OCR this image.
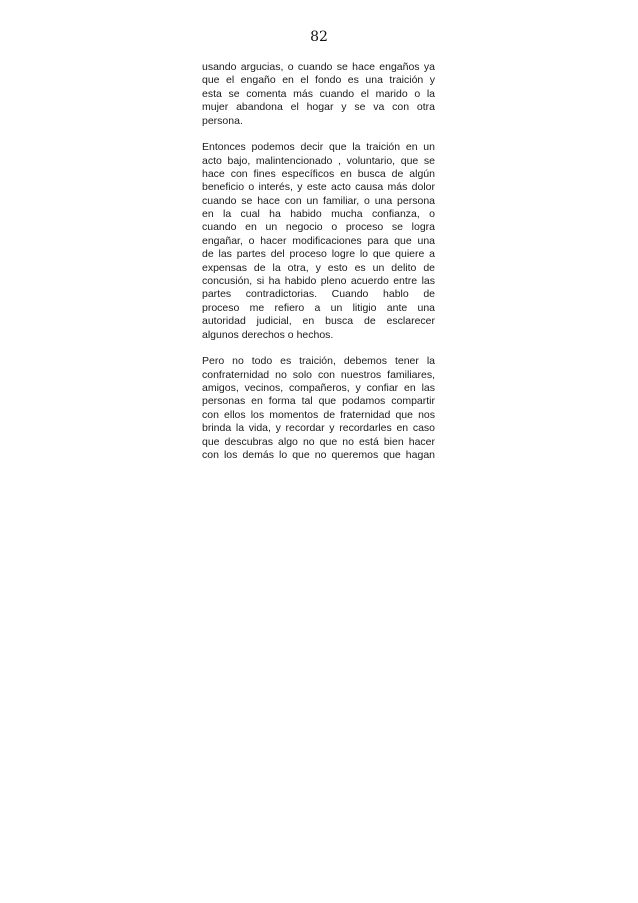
82
usando argucias, o cuando se hace engaños ya
que el engaño en el fondo es una traición y
esta se comenta más cuando el marido o la
mujer abandona el hogar y se va con otra
persona.
Entonces podemos decir que la traición en un
acto bajo, malintencionado , voluntario, que se
hace con fines específicos en busca de algún
beneficio o interés, y este acto causa más dolor
cuando se hace con un familiar, o una persona
en la cual ha habido mucha confianza, o
cuando en un negocio o proceso se logra
engañar, o hacer modificaciones para que una
de las partes del proceso logre lo que quiere a
expensas de la otra, y esto es un delito de
concusión, si ha habido pleno acuerdo entre las
partes contradictorias. Cuando hablo de
proceso me refiero a un litigio ante una
autoridad judicial, en busca de esclarecer
algunos derechos o hechos.
Pero no todo es traición, debemos tener la
confraternidad no solo con nuestros familiares,
amigos, vecinos, compañeros, y confiar en las
personas en forma tal que podamos compartir
con ellos los momentos de fraternidad que nos
brinda la vida, y recordar y recordarles en caso
que descubras algo no que no está bien hacer
con los demás lo que no queremos que hagan
